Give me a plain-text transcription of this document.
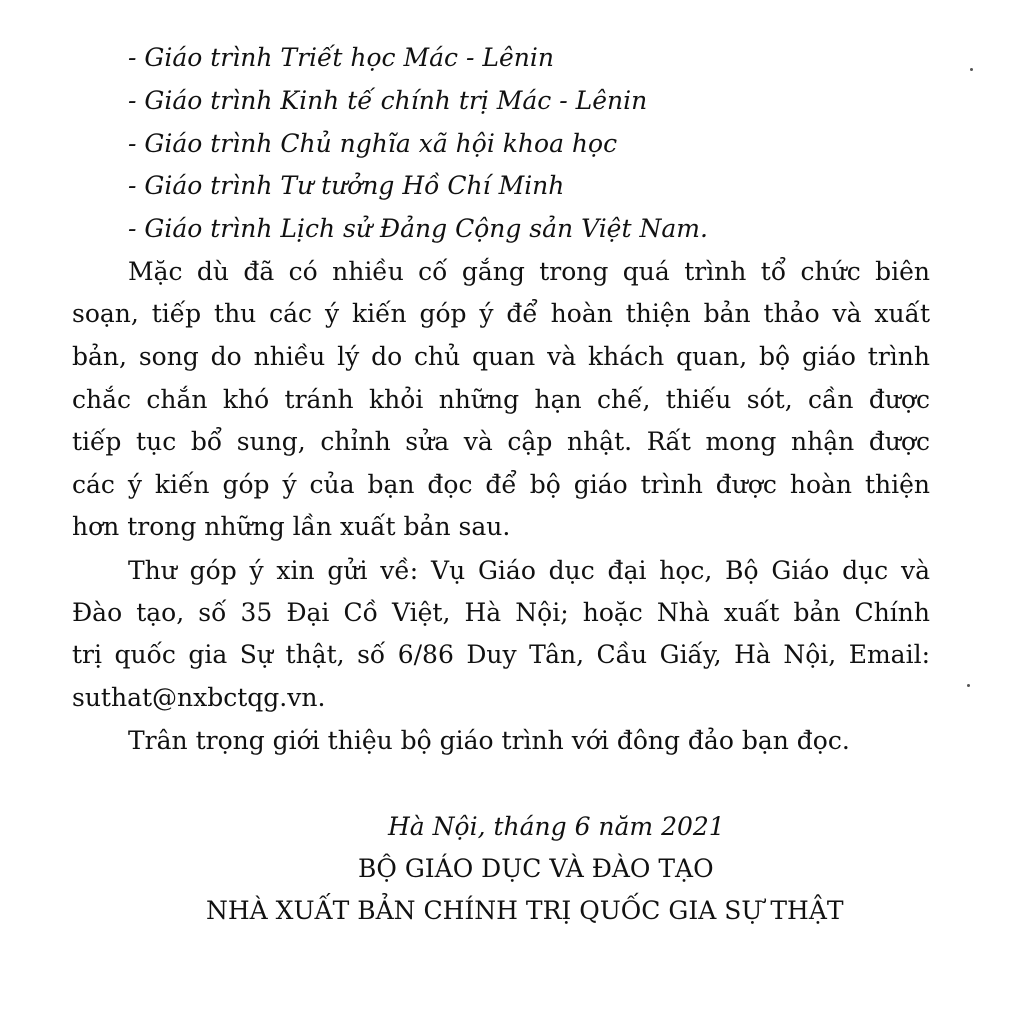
- Giáo trình Triết học Mác - Lênin
- Giáo trình Kinh tế chính trị Mác - Lênin
- Giáo trình Chủ nghĩa xã hội khoa học
- Giáo trình Tư tưởng Hồ Chí Minh
- Giáo trình Lịch sử Đảng Cộng sản Việt Nam.
Mặc dù đã có nhiều cố gắng trong quá trình tổ chức biên
soạn, tiếp thu các ý kiến góp ý để hoàn thiện bản thảo và xuất
bản, song do nhiều lý do chủ quan và khách quan, bộ giáo trình
chắc chắn khó tránh khỏi những hạn chế, thiếu sót, cần được
tiếp tục bổ sung, chỉnh sửa và cập nhật. Rất mong nhận được
các ý kiến góp ý của bạn đọc để bộ giáo trình được hoàn thiện
hơn trong những lần xuất bản sau.
Thư góp ý xin gửi về: Vụ Giáo dục đại học, Bộ Giáo dục và
Đào tạo, số 35 Đại Cồ Việt, Hà Nội; hoặc Nhà xuất bản Chính
trị quốc gia Sự thật, số 6/86 Duy Tân, Cầu Giấy, Hà Nội, Email:
suthat@nxbctqg.vn.
Trân trọng giới thiệu bộ giáo trình với đông đảo bạn đọc.
Hà Nội, tháng 6 năm 2021
BỘ GIÁO DỤC VÀ ĐÀO TẠO
NHÀ XUẤT BẢN CHÍNH TRỊ QUỐC GIA SỰ THẬT
